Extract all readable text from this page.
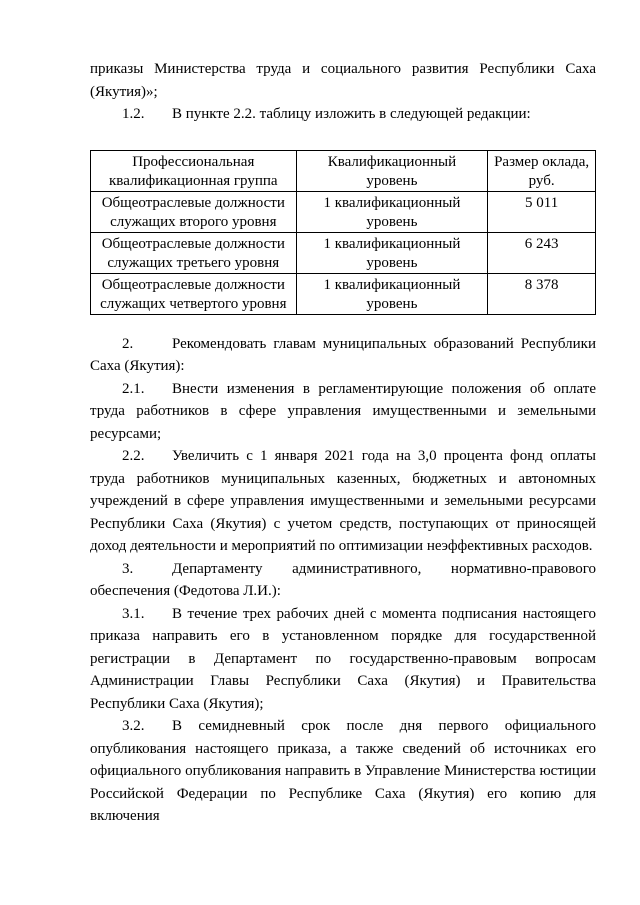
приказы Министерства труда и социального развития Республики Саха (Якутия)»;

1.2. В пункте 2.2. таблицу изложить в следующей редакции:

Профессиональная квалификационная группа	Квалификационный уровень	Размер оклада, руб.
Общеотраслевые должности служащих второго уровня	1 квалификационный уровень	5 011
Общеотраслевые должности служащих третьего уровня	1 квалификационный уровень	6 243
Общеотраслевые должности служащих четвертого уровня	1 квалификационный уровень	8 378

2.	Рекомендовать главам муниципальных образований Республики Саха (Якутия):

2.1. Внести изменения в регламентирующие положения об оплате труда работников в сфере управления имущественными и земельными ресурсами;

2.2. Увеличить с 1 января 2021 года на 3,0 процента фонд оплаты труда работников муниципальных казенных, бюджетных и автономных учреждений в сфере управления имущественными и земельными ресурсами Республики Саха (Якутия) с учетом средств, поступающих от приносящей доход деятельности и мероприятий по оптимизации неэффективных расходов.

3.	Департаменту административного, нормативно-правового обеспечения (Федотова Л.И.):

3.1. В течение трех рабочих дней с момента подписания настоящего приказа направить его в установленном порядке для государственной регистрации в Департамент по государственно-правовым вопросам Администрации Главы Республики Саха (Якутия) и Правительства Республики Саха (Якутия);

3.2. В семидневный срок после дня первого официального опубликования настоящего приказа, а также сведений об источниках его официального опубликования направить в Управление Министерства юстиции Российской Федерации по Республике Саха (Якутия) его копию для включения
